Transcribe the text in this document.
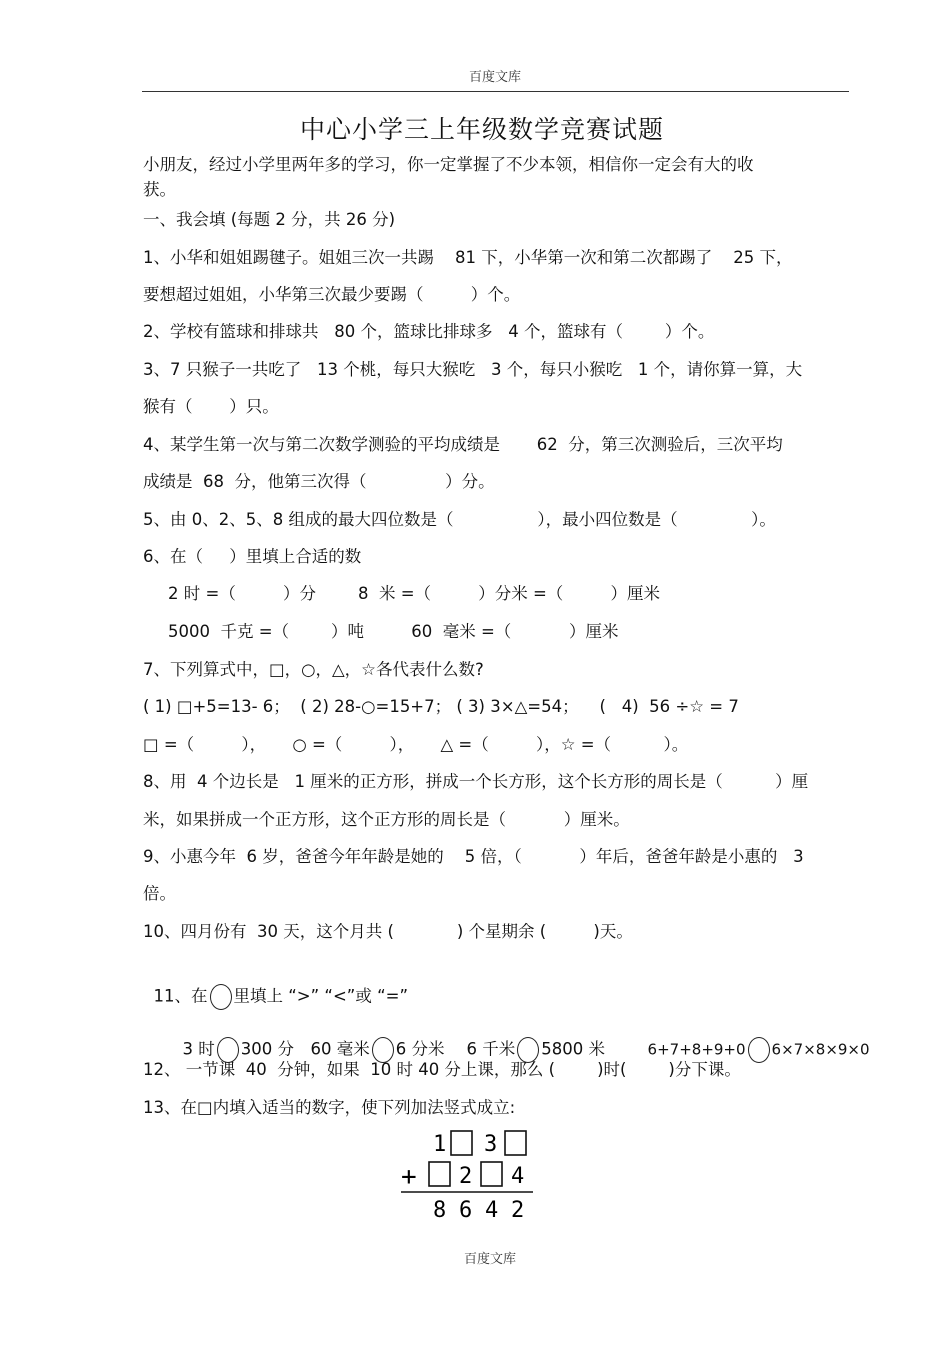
百度文库
中心小学三上年级数学竞赛试题
小朋友，经过小学里两年多的学习，你一定掌握了不少本领，相信你一定会有大的收
获。
一、我会填 (每题 2 分，共 26 分)
1、小华和姐姐踢毽子。姐姐三次一共踢    81 下，小华第一次和第二次都踢了    25 下，
要想超过姐姐，小华第三次最少要踢（         ）个。
2、学校有篮球和排球共   80 个，篮球比排球多   4 个，篮球有（        ）个。
3、7 只猴子一共吃了   13 个桃，每只大猴吃   3 个，每只小猴吃   1 个，请你算一算，大
猴有（       ）只。
4、某学生第一次与第二次数学测验的平均成绩是       62  分，第三次测验后，三次平均
成绩是  68  分，他第三次得（               ）分。
5、由 0、2、5、8 组成的最大四位数是（                ），最小四位数是（              ）。
6、在（     ）里填上合适的数
2 时 =（         ）分        8  米 =（         ）分米 =（         ）厘米
5000  千克 =（        ）吨         60  毫米 =（           ）厘米
7、下列算式中，□，○，△，☆各代表什么数?
( 1) □+5=13- 6；  ( 2) 28-○=15+7； ( 3) 3×△=54；    (   4)  56 ÷☆ = 7
□ =（         ），     ○ =（         ），     △ =（         ），☆ =（          ）。
8、用  4 个边长是   1 厘米的正方形，拼成一个长方形，这个长方形的周长是（          ）厘
米，如果拼成一个正方形，这个正方形的周长是（           ）厘米。
9、小惠今年  6 岁，爸爸今年年龄是她的    5 倍，（           ）年后，爸爸年龄是小惠的   3
倍。
10、四月份有  30 天，这个月共 (            ) 个星期余 (         )天。

11、在 里填上 “>” “<”或 “=”

3 时 300 分	60 毫米 6 分米	6 千米 5800 米	6+7+8+9+0 6×7×8×9×0

12、 一节课  40  分钟，如果  10 时 40 分上课，那么 (        )时(        )分下课。
13、在□内填入适当的数字，使下列加法竖式成立:
1 3
+ 2 4
8 6 4 2
百度文库
